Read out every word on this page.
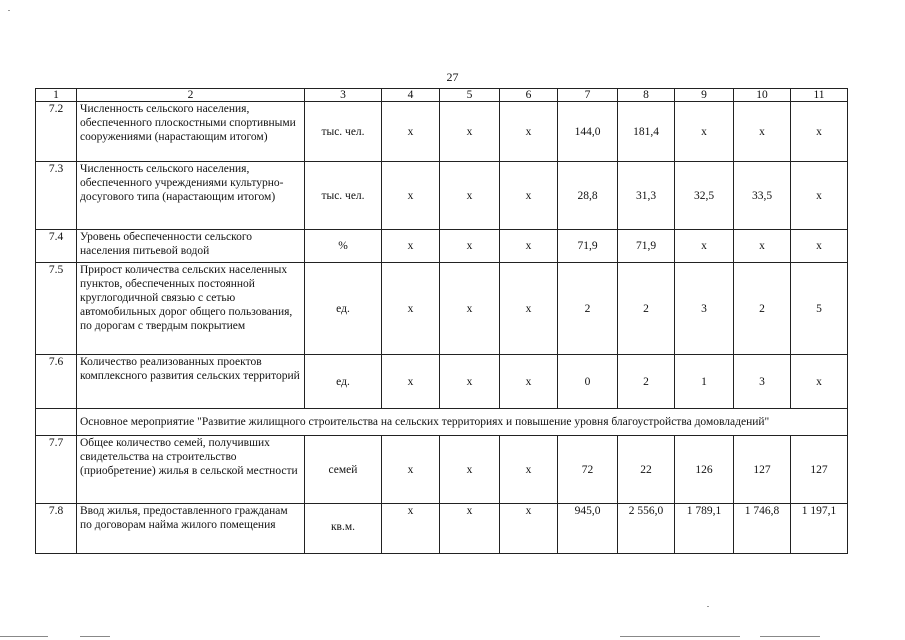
27
1	2	3	4	5	6	7	8	9	10	11
7.2	Численность сельского населения, обеспеченного плоскостными спортивными сооружениями (нарастающим итогом)	тыс. чел.	x	x	x	144,0	181,4	x	x	x
7.3	Численность сельского населения, обеспеченного учреждениями культурно-досугового типа (нарастающим итогом)	тыс. чел.	x	x	x	28,8	31,3	32,5	33,5	x
7.4	Уровень обеспеченности сельского населения питьевой водой	%	x	x	x	71,9	71,9	x	x	x
7.5	Прирост количества сельских населенных пунктов, обеспеченных постоянной круглогодичной связью с сетью автомобильных дорог общего пользования, по дорогам с твердым покрытием	ед.	x	x	x	2	2	3	2	5
7.6	Количество реализованных проектов комплексного развития сельских территорий	ед.	x	x	x	0	2	1	3	x
	Основное мероприятие "Развитие жилищного строительства на сельских территориях и повышение уровня благоустройства домовладений"									
7.7	Общее количество семей, получивших свидетельства на строительство (приобретение) жилья в сельской местности	семей	x	x	x	72	22	126	127	127
7.8	Ввод жилья, предоставленного гражданам по договорам найма жилого помещения	кв.м.	x	x	x	945,0	2 556,0	1 789,1	1 746,8	1 197,1
